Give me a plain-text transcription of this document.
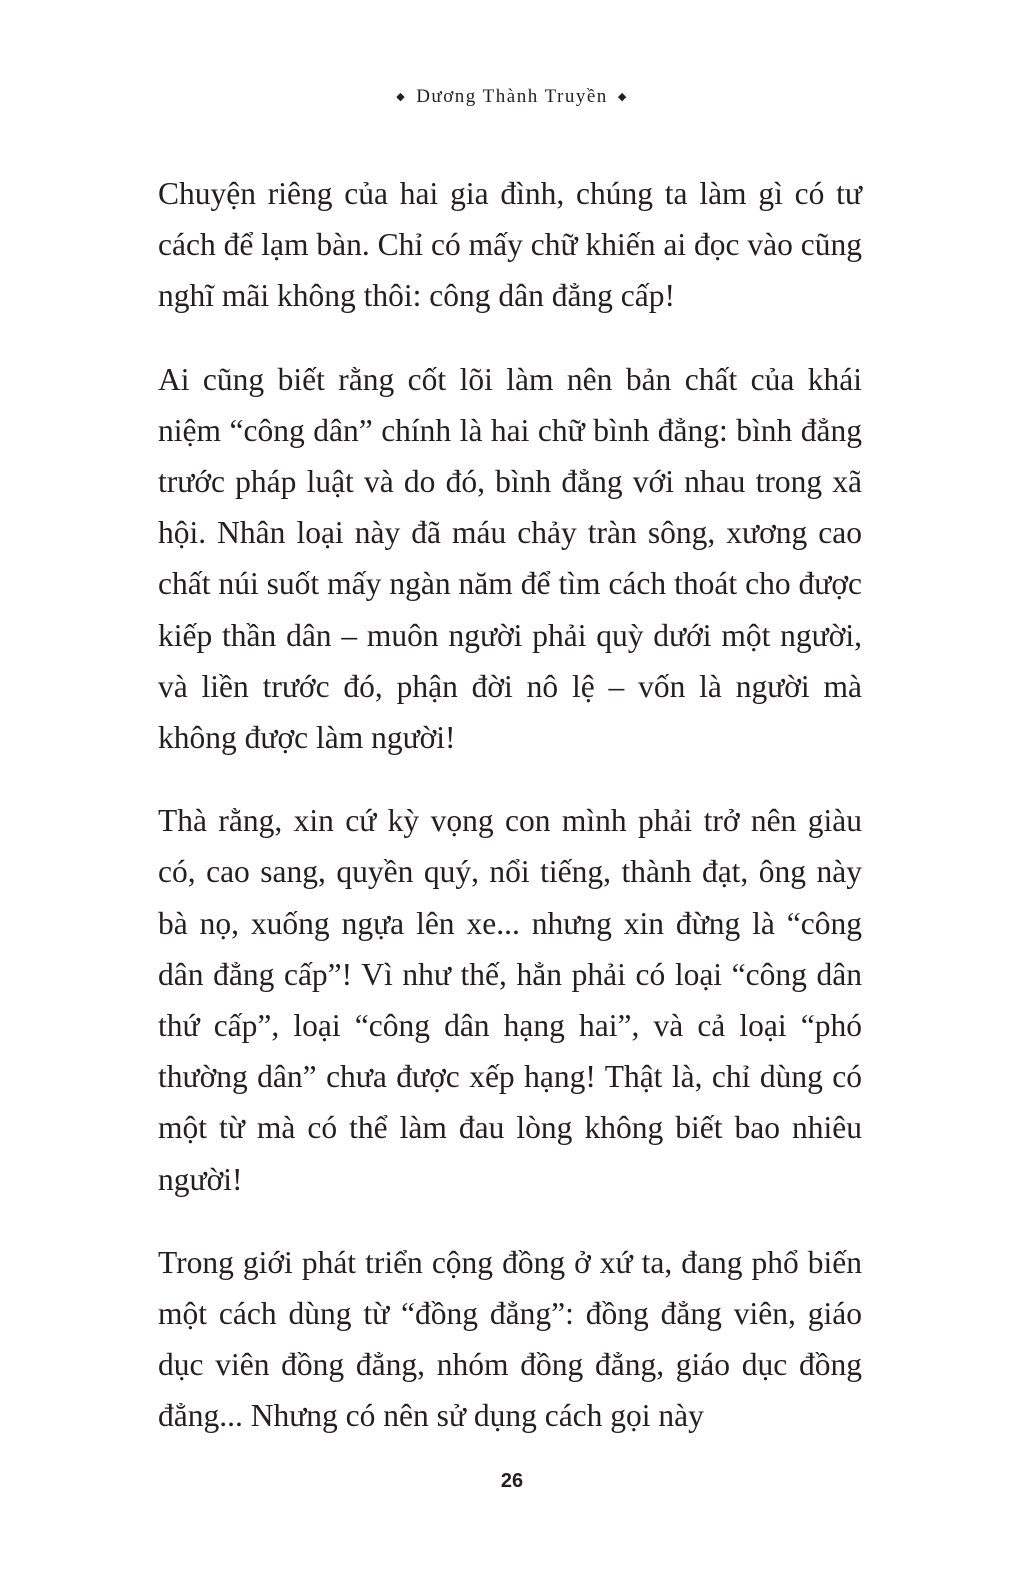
◆ Dương Thành Truyền ◆

Chuyện riêng của hai gia đình, chúng ta làm gì có tư cách để lạm bàn. Chỉ có mấy chữ khiến ai đọc vào cũng nghĩ mãi không thôi: công dân đẳng cấp!

Ai cũng biết rằng cốt lõi làm nên bản chất của khái niệm “công dân” chính là hai chữ bình đẳng: bình đẳng trước pháp luật và do đó, bình đẳng với nhau trong xã hội. Nhân loại này đã máu chảy tràn sông, xương cao chất núi suốt mấy ngàn năm để tìm cách thoát cho được kiếp thần dân – muôn người phải quỳ dưới một người, và liền trước đó, phận đời nô lệ – vốn là người mà không được làm người!

Thà rằng, xin cứ kỳ vọng con mình phải trở nên giàu có, cao sang, quyền quý, nổi tiếng, thành đạt, ông này bà nọ, xuống ngựa lên xe... nhưng xin đừng là “công dân đẳng cấp”! Vì như thế, hẳn phải có loại “công dân thứ cấp”, loại “công dân hạng hai”, và cả loại “phó thường dân” chưa được xếp hạng! Thật là, chỉ dùng có một từ mà có thể làm đau lòng không biết bao nhiêu người!

Trong giới phát triển cộng đồng ở xứ ta, đang phổ biến một cách dùng từ “đồng đẳng”: đồng đẳng viên, giáo dục viên đồng đẳng, nhóm đồng đẳng, giáo dục đồng đẳng... Nhưng có nên sử dụng cách gọi này

26
